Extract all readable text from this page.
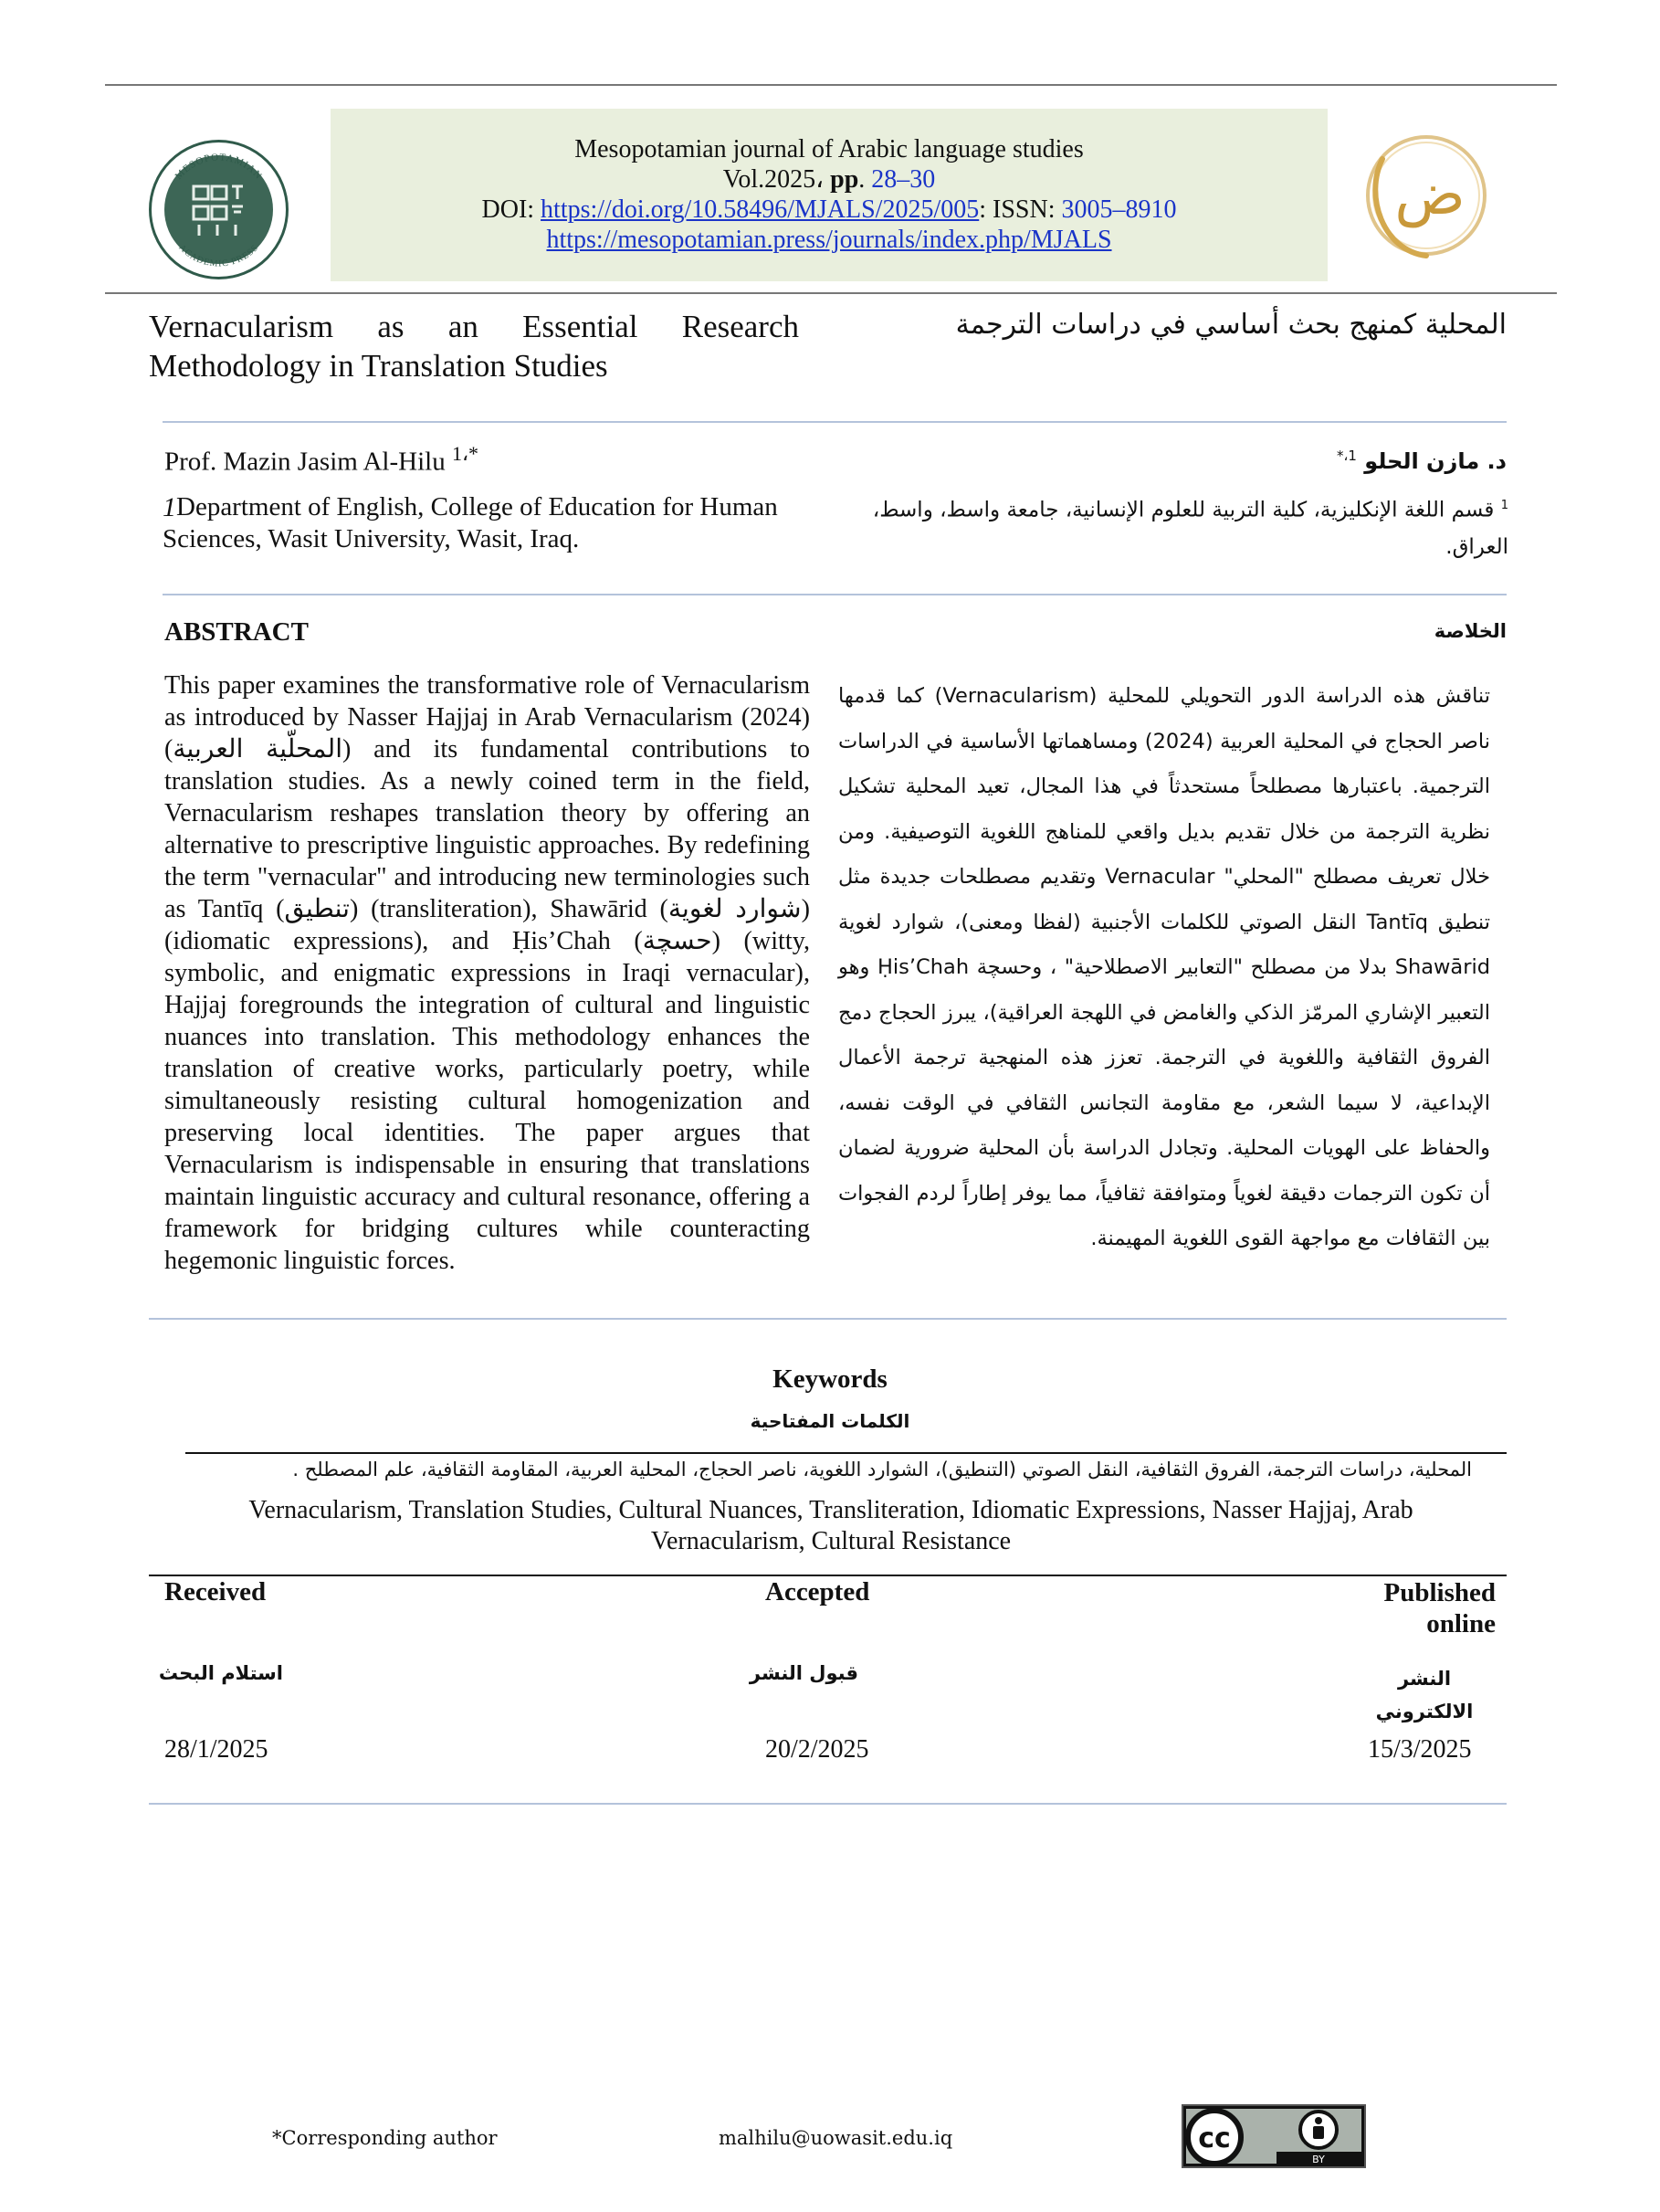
MESOPOTAMIAN
ACADEMIC PRESS
Mesopotamian journal of Arabic language studies
Vol.2025، pp. 28–30
DOI: https://doi.org/10.58496/MJALS/2025/005: ISSN: 3005–8910
https://mesopotamian.press/journals/index.php/MJALS
ض
Vernacularism as an Essential Research Methodology in Translation Studies
المحلية كمنهج بحث أساسي في دراسات الترجمة
Prof. Mazin Jasim Al-Hilu $^{1،*}$	د. مازن الحلو $^{1،*}$
$^1$Department of English, College of Education for Human Sciences, Wasit University, Wasit, Iraq.
$^1$ قسم اللغة الإنكليزية، كلية التربية للعلوم الإنسانية، جامعة واسط، واسط، العراق.
ABSTRACT	الخلاصة
This paper examines the transformative role of Vernacularism as introduced by Nasser Hajjaj in Arab Vernacularism (2024) (المحلّية العربية) and its fundamental contributions to translation studies. As a newly coined term in the field, Vernacularism reshapes translation theory by offering an alternative to prescriptive linguistic approaches. By redefining the term "vernacular" and introducing new terminologies such as Tantīq (تنطيق) (transliteration), Shawārid (شوارد لغوية) (idiomatic expressions), and Ḥis’Chah (حسچة) (witty, symbolic, and enigmatic expressions in Iraqi vernacular), Hajjaj foregrounds the integration of cultural and linguistic nuances into translation. This methodology enhances the translation of creative works, particularly poetry, while simultaneously resisting cultural homogenization and preserving local identities. The paper argues that Vernacularism is indispensable in ensuring that translations maintain linguistic accuracy and cultural resonance, offering a framework for bridging cultures while counteracting hegemonic linguistic forces.
تناقش هذه الدراسة الدور التحويلي للمحلية (Vernacularism) كما قدمها ناصر الحجاج في المحلية العربية (2024) ومساهماتها الأساسية في الدراسات الترجمية. باعتبارها مصطلحاً مستحدثاً في هذا المجال، تعيد المحلية تشكيل نظرية الترجمة من خلال تقديم بديل واقعي للمناهج اللغوية التوصيفية. ومن خلال تعريف مصطلح "المحلي" Vernacular وتقديم مصطلحات جديدة مثل تنطيق Tantīq النقل الصوتي للكلمات الأجنبية (لفظا ومعنى)، شوارد لغوية Shawārid بدلا من مصطلح "التعابير الاصطلاحية" ، وحسچة Ḥis’Chah وهو التعبير الإشاري المرمّز الذكي والغامض في اللهجة العراقية)، يبرز الحجاج دمج الفروق الثقافية واللغوية في الترجمة. تعزز هذه المنهجية ترجمة الأعمال الإبداعية، لا سيما الشعر، مع مقاومة التجانس الثقافي في الوقت نفسه، والحفاظ على الهويات المحلية. وتجادل الدراسة بأن المحلية ضرورية لضمان أن تكون الترجمات دقيقة لغوياً ومتوافقة ثقافياً، مما يوفر إطاراً لردم الفجوات بين الثقافات مع مواجهة القوى اللغوية المهيمنة.
Keywords
الكلمات المفتاحية
المحلية، دراسات الترجمة، الفروق الثقافية، النقل الصوتي (التنطيق)، الشوارد اللغوية، ناصر الحجاج، المحلية العربية، المقاومة الثقافية، علم المصطلح .
Vernacularism, Translation Studies, Cultural Nuances, Transliteration, Idiomatic Expressions, Nasser Hajjaj, Arab Vernacularism, Cultural Resistance
Received	Accepted	Published online
استلام البحث	قبول النشر	النشر الالكتروني
28/1/2025	20/2/2025	15/3/2025
*Corresponding author	malhilu@uowasit.edu.iq	cc
BY
